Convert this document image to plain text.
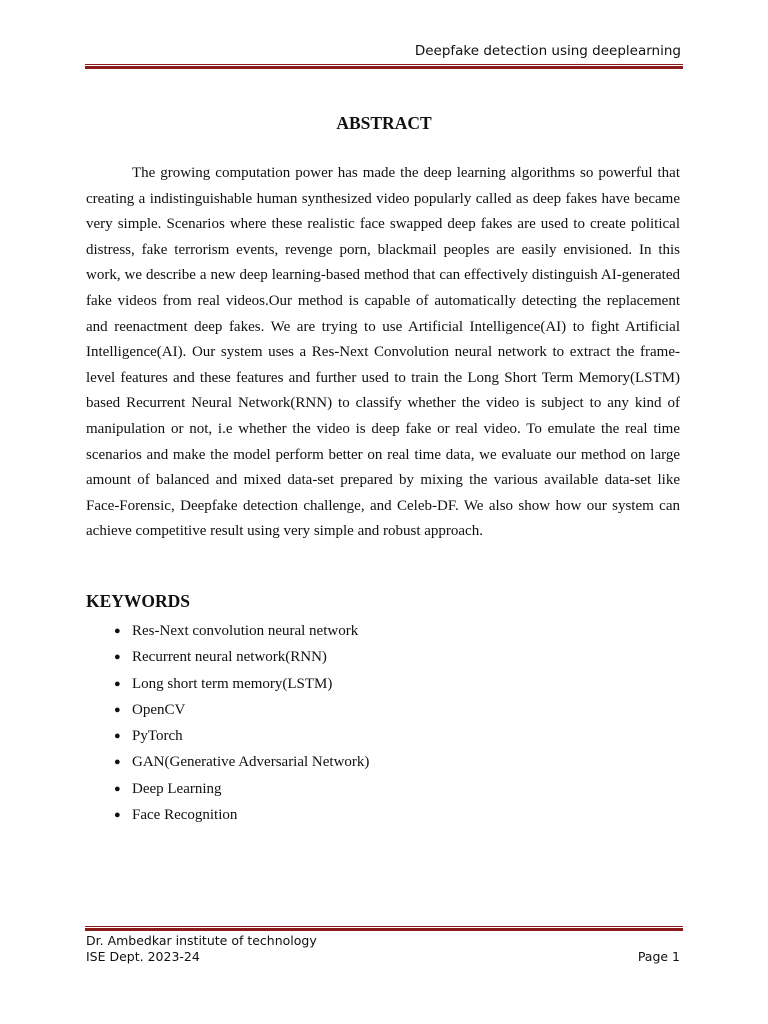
Deepfake detection using deeplearning
ABSTRACT

The growing computation power has made the deep learning algorithms so powerful that creating a indistinguishable human synthesized video popularly called as deep fakes have became very simple. Scenarios where these realistic face swapped deep fakes are used to create political distress, fake terrorism events, revenge porn, blackmail peoples are easily envisioned. In this work, we describe a new deep learning-based method that can effectively distinguish AI-generated fake videos from real videos.Our method is capable of automatically detecting the replacement and reenactment deep fakes. We are trying to use Artificial Intelligence(AI) to fight Artificial Intelligence(AI). Our system uses a Res-Next Convolution neural network to extract the frame-level features and these features and further used to train the Long Short Term Memory(LSTM) based Recurrent Neural Network(RNN) to classify whether the video is subject to any kind of manipulation or not, i.e whether the video is deep fake or real video. To emulate the real time scenarios and make the model perform better on real time data, we evaluate our method on large amount of balanced and mixed data-set prepared by mixing the various available data-set like Face-Forensic, Deepfake detection challenge, and Celeb-DF. We also show how our system can achieve competitive result using very simple and robust approach.

KEYWORDS
● Res-Next convolution neural network
● Recurrent neural network(RNN)
● Long short term memory(LSTM)
● OpenCV
● PyTorch
● GAN(Generative Adversarial Network)
● Deep Learning
● Face Recognition
Dr. Ambedkar institute of technology
ISE Dept. 2023-24	Page 1
